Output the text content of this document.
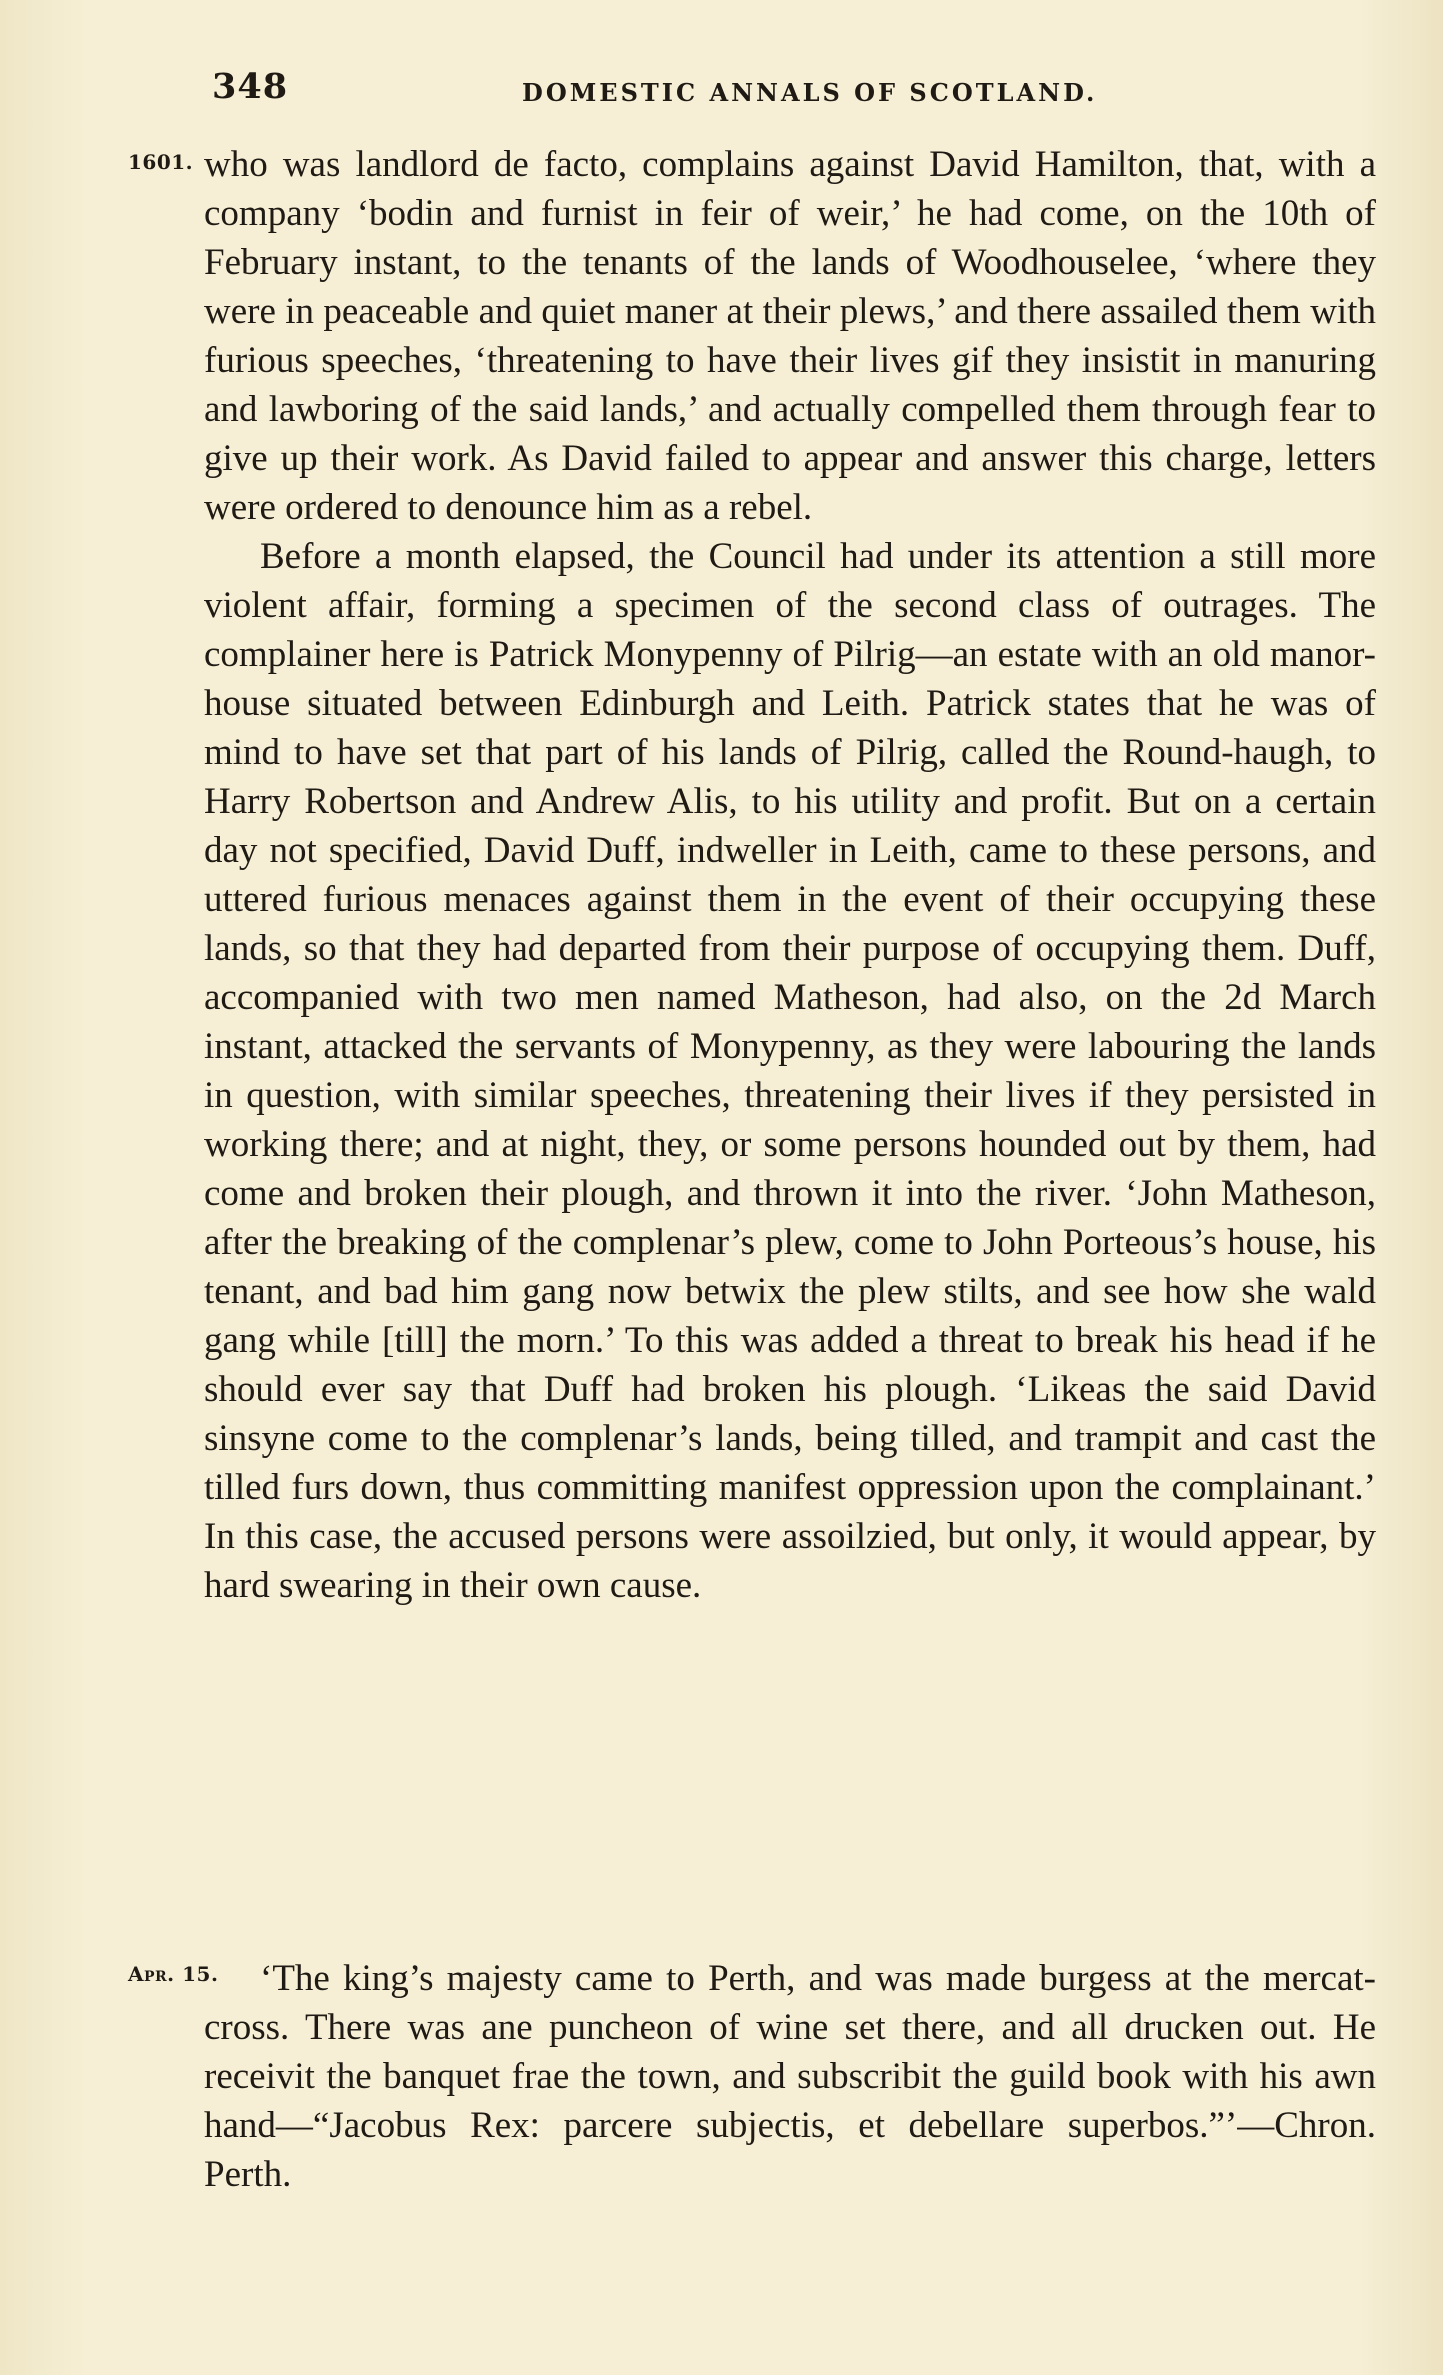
348	DOMESTIC ANNALS OF SCOTLAND.
1601. who was landlord de facto, complains against David Hamilton, that, with a company ‘bodin and furnist in feir of weir,’ he had come, on the 10th of February instant, to the tenants of the lands of Woodhouselee, ‘where they were in peaceable and quiet maner at their plews,’ and there assailed them with furious speeches, ‘threatening to have their lives gif they insistit in manuring and lawboring of the said lands,’ and actually compelled them through fear to give up their work. As David failed to appear and answer this charge, letters were ordered to denounce him as a rebel.

Before a month elapsed, the Council had under its attention a still more violent affair, forming a specimen of the second class of outrages. The complainer here is Patrick Monypenny of Pilrig—an estate with an old manor-house situated between Edinburgh and Leith. Patrick states that he was of mind to have set that part of his lands of Pilrig, called the Round-haugh, to Harry Robertson and Andrew Alis, to his utility and profit. But on a certain day not specified, David Duff, indweller in Leith, came to these persons, and uttered furious menaces against them in the event of their occupying these lands, so that they had departed from their purpose of occupying them. Duff, accompanied with two men named Matheson, had also, on the 2d March instant, attacked the servants of Monypenny, as they were labouring the lands in question, with similar speeches, threatening their lives if they persisted in working there; and at night, they, or some persons hounded out by them, had come and broken their plough, and thrown it into the river. ‘John Matheson, after the breaking of the complenar’s plew, come to John Porteous’s house, his tenant, and bad him gang now betwix the plew stilts, and see how she wald gang while [till] the morn.’ To this was added a threat to break his head if he should ever say that Duff had broken his plough. ‘Likeas the said David sinsyne come to the complenar’s lands, being tilled, and trampit and cast the tilled furs down, thus committing manifest oppression upon the complainant.’ In this case, the accused persons were assoilzied, but only, it would appear, by hard swearing in their own cause.

Apr. 15.	‘The king’s majesty came to Perth, and was made burgess at the mercat-cross. There was ane puncheon of wine set there, and all drucken out. He receivit the banquet frae the town, and subscribit the guild book with his awn hand—“Jacobus Rex: parcere subjectis, et debellare superbos.”’—Chron. Perth.
